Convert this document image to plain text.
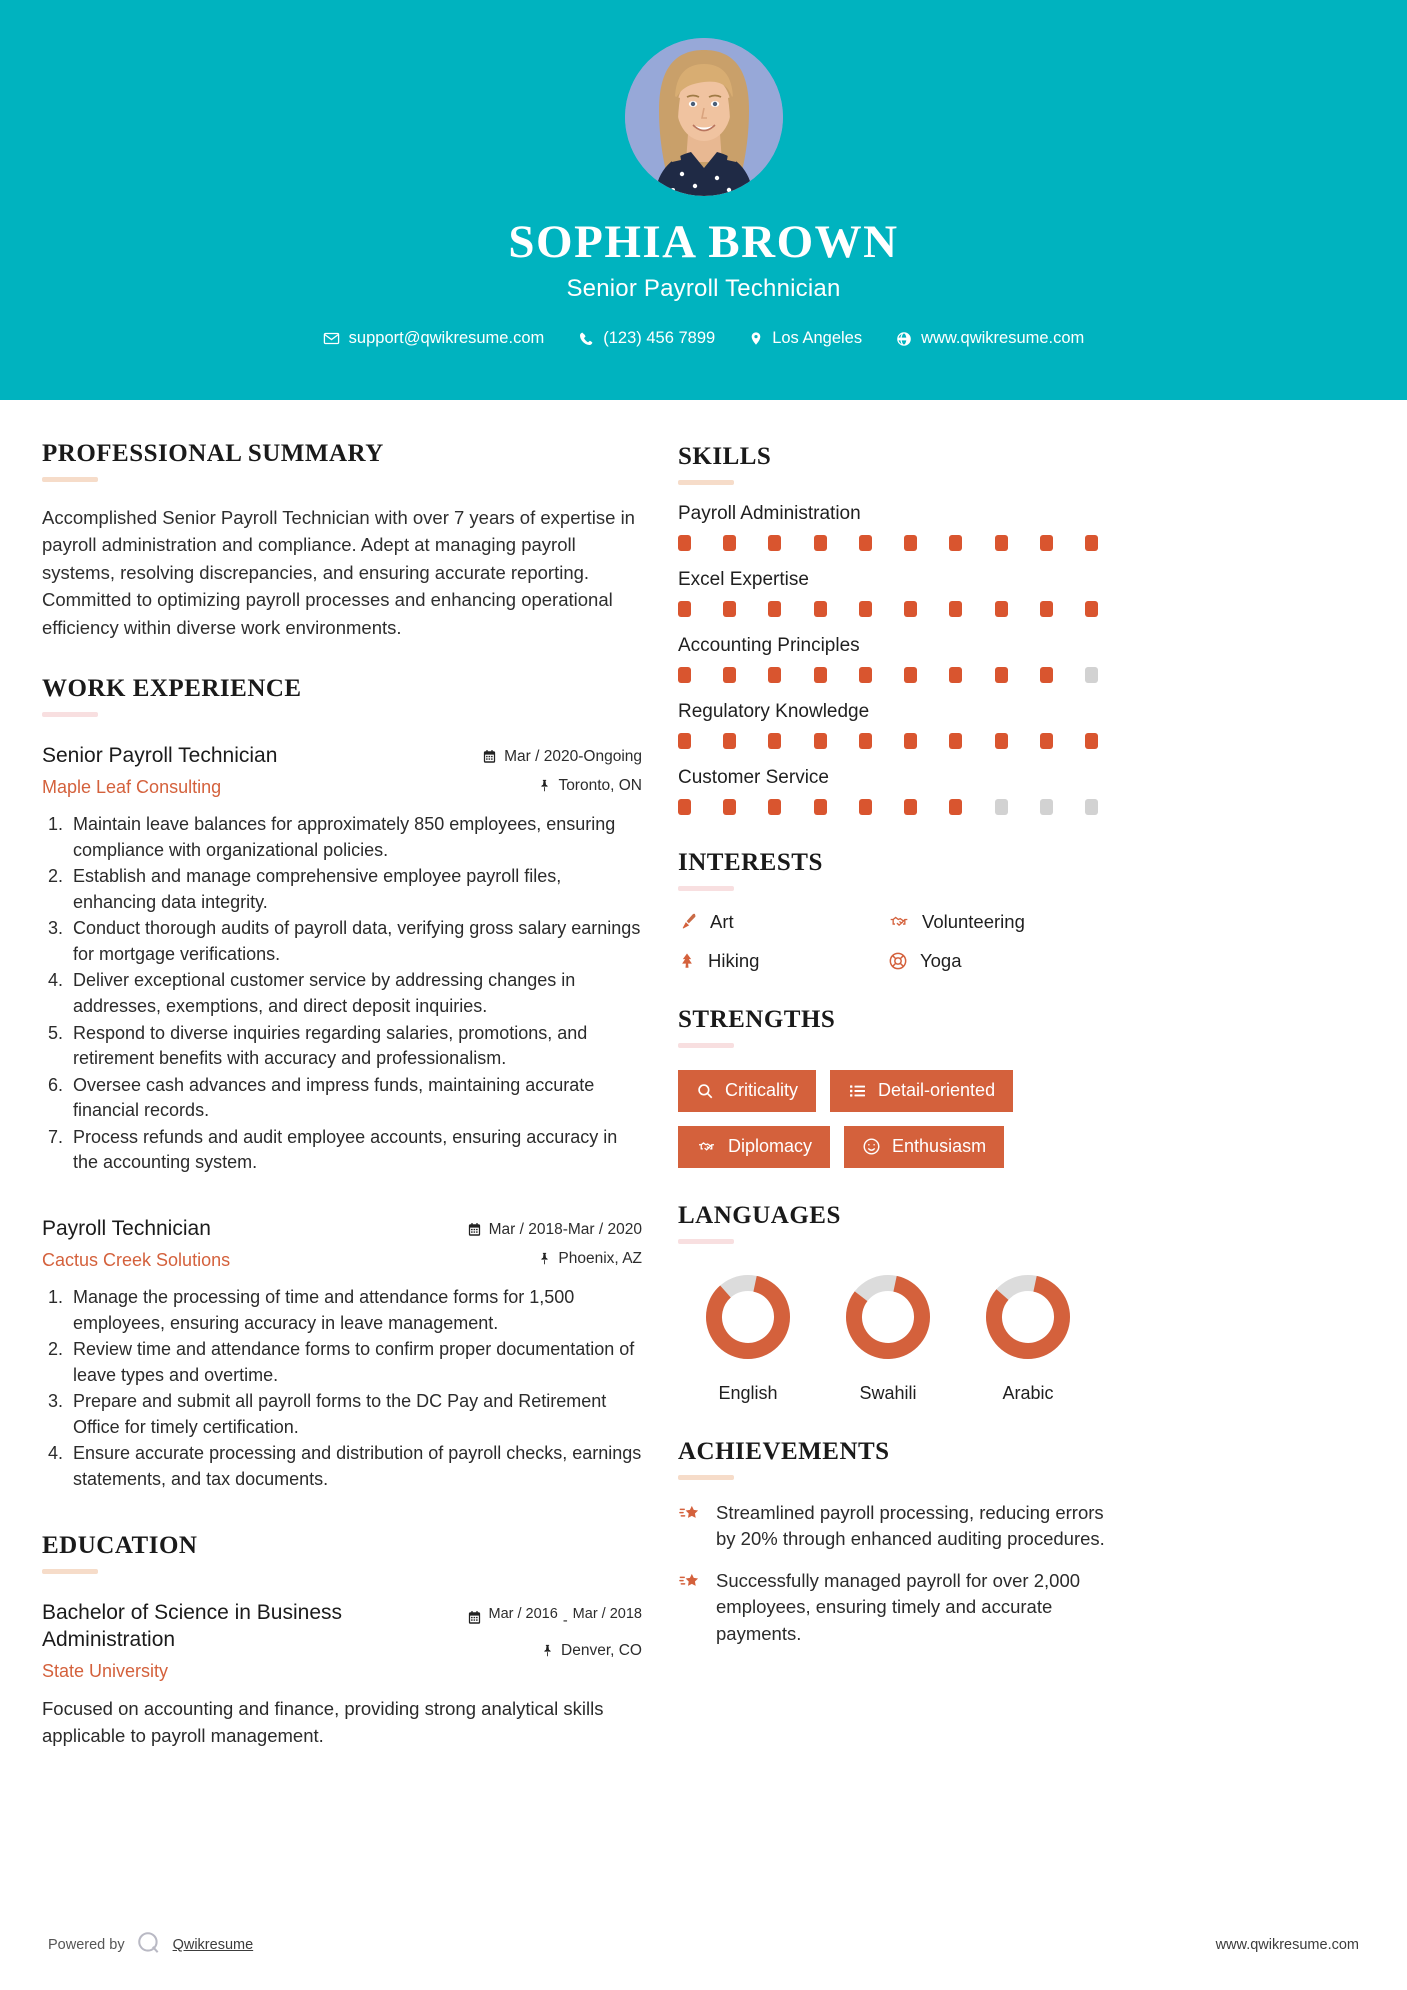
SOPHIA BROWN
Senior Payroll Technician
support@qwikresume.com	(123) 456 7899	Los Angeles	www.qwikresume.com
PROFESSIONAL SUMMARY
Accomplished Senior Payroll Technician with over 7 years of expertise in payroll administration and compliance. Adept at managing payroll systems, resolving discrepancies, and ensuring accurate reporting. Committed to optimizing payroll processes and enhancing operational efficiency within diverse work environments.
WORK EXPERIENCE
Senior Payroll Technician
Maple Leaf Consulting
Mar / 2020-Ongoing
Toronto, ON
1. Maintain leave balances for approximately 850 employees, ensuring compliance with organizational policies.
2. Establish and manage comprehensive employee payroll files, enhancing data integrity.
3. Conduct thorough audits of payroll data, verifying gross salary earnings for mortgage verifications.
4. Deliver exceptional customer service by addressing changes in addresses, exemptions, and direct deposit inquiries.
5. Respond to diverse inquiries regarding salaries, promotions, and retirement benefits with accuracy and professionalism.
6. Oversee cash advances and impress funds, maintaining accurate financial records.
7. Process refunds and audit employee accounts, ensuring accuracy in the accounting system.
Payroll Technician
Cactus Creek Solutions
Mar / 2018-Mar / 2020
Phoenix, AZ
1. Manage the processing of time and attendance forms for 1,500 employees, ensuring accuracy in leave management.
2. Review time and attendance forms to confirm proper documentation of leave types and overtime.
3. Prepare and submit all payroll forms to the DC Pay and Retirement Office for timely certification.
4. Ensure accurate processing and distribution of payroll checks, earnings statements, and tax documents.
EDUCATION
Bachelor of Science in Business Administration
State University
Mar / 2016 - Mar / 2018
Denver, CO
Focused on accounting and finance, providing strong analytical skills applicable to payroll management.
SKILLS
Payroll Administration
Excel Expertise
Accounting Principles
Regulatory Knowledge
Customer Service
INTERESTS
Art	Volunteering
Hiking	Yoga
STRENGTHS
Criticality	Detail-oriented
Diplomacy	Enthusiasm
LANGUAGES
English	Swahili	Arabic
ACHIEVEMENTS
Streamlined payroll processing, reducing errors by 20% through enhanced auditing procedures.
Successfully managed payroll for over 2,000 employees, ensuring timely and accurate payments.
Powered by	Qwikresume	www.qwikresume.com
